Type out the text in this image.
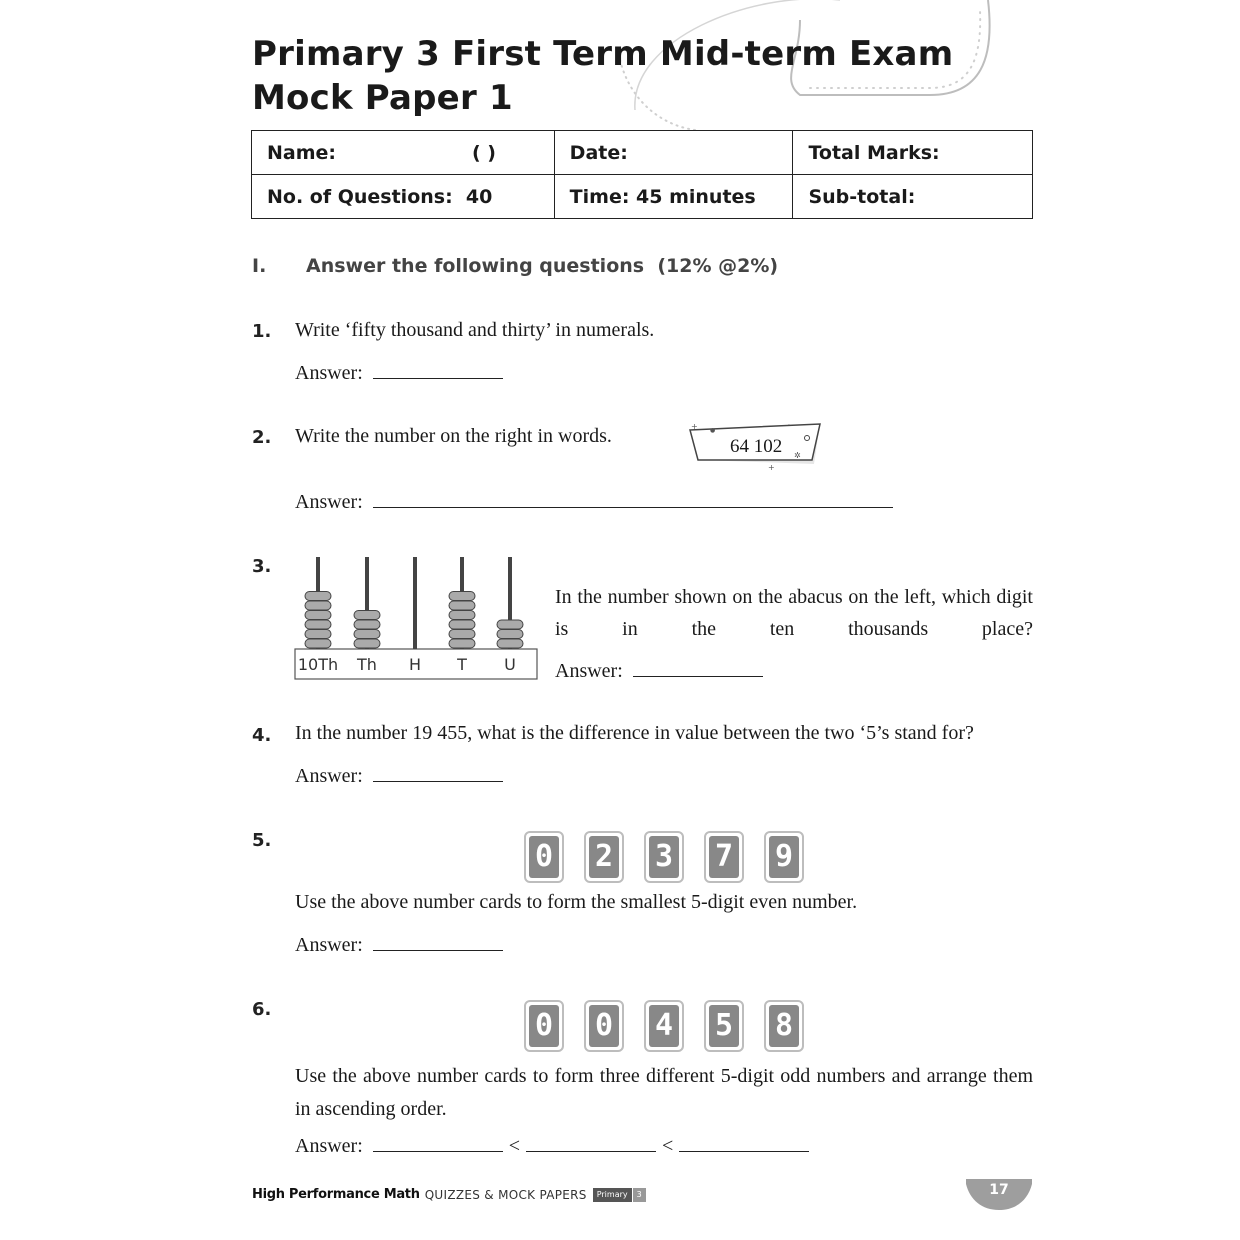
Primary 3 First Term Mid-term Exam
Mock Paper 1
Name: ( )	Date:	Total Marks:
No. of Questions: 40	Time: 45 minutes	Sub-total:
I. Answer the following questions (12% @2%)
1. Write ‘fifty thousand and thirty’ in numerals.
Answer:

2. Write the number on the right in words.	+ ●
·
✲
+
64 102
Answer:

3.
10Th Th H T U
In the number shown on the abacus on the left, which digit is in the ten thousands place?
Answer:

4. In the number 19 455, what is the difference in value between the two ‘5’s stand for?
Answer:

5.	0 2 3 7 9
Use the above number cards to form the smallest 5-digit even number.
Answer:

6.	0 0 4 5 8
Use the above number cards to form three different 5-digit odd numbers and arrange them in ascending order.
Answer:
	<	<
High Performance Math QUIZZES & MOCK PAPERS	Primary	3	17
